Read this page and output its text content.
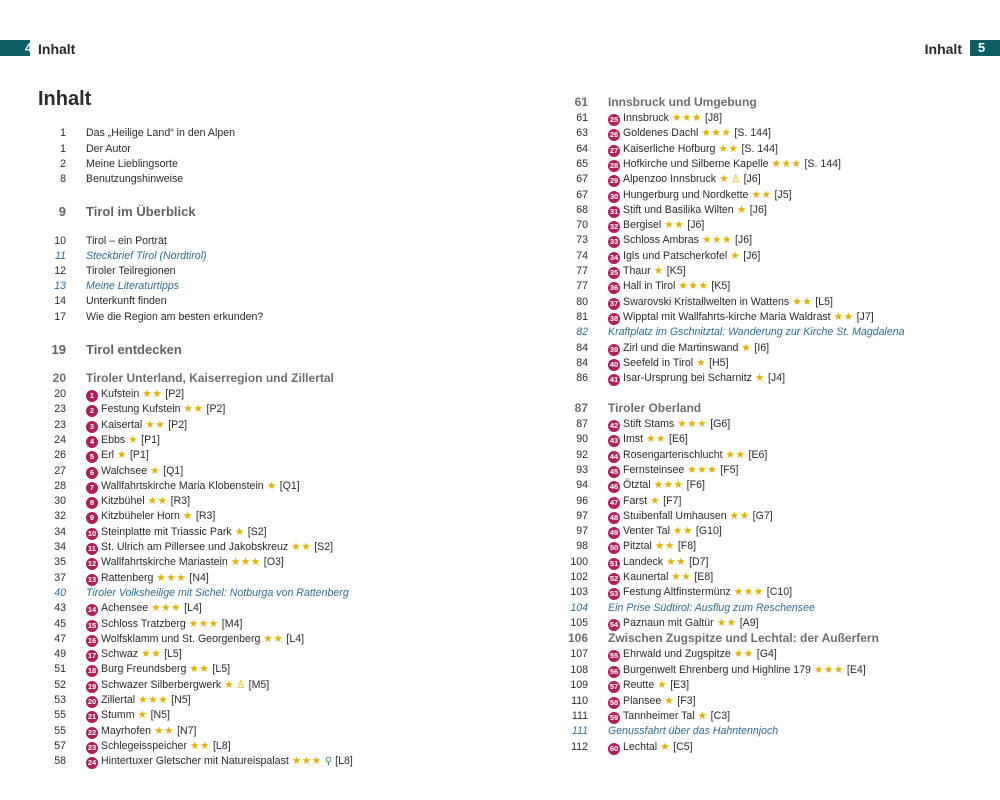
4 Inhalt
Inhalt
1 Das „Heilige Land“ in den Alpen
1 Der Autor
2 Meine Lieblingsorte
8 Benutzungshinweise
9 Tirol im Überblick
10 Tirol – ein Porträt
11 Steckbrief Tirol (Nordtirol)
12 Tiroler Teilregionen
13 Meine Literaturtipps
14 Unterkunft finden
17 Wie die Region am besten erkunden?
19 Tirol entdecken
20 Tiroler Unterland, Kaiserregion und Zillertal
20	1 Kufstein ★★ [P2]
23	2 Festung Kufstein ★★ [P2]
23	3 Kaisertal ★★ [P2]
24	4 Ebbs ★ [P1]
26	5 Erl ★ [P1]
27	6 Walchsee ★ [Q1]
28	7 Wallfahrtskirche Maria Klobenstein ★ [Q1]
30	8 Kitzbühel ★★ [R3]
32	9 Kitzbüheler Horn ★ [R3]
34	10 Steinplatte mit Triassic Park ★ [S2]
34	11 St. Ulrich am Pillersee und Jakobskreuz ★★ [S2]
35	12 Wallfahrtskirche Mariastein ★★★ [O3]
37	13 Rattenberg ★★★ [N4]
40 Tiroler Volksheilige mit Sichel: Notburga von Rattenberg
43	14 Achensee ★★★ [L4]
45	15 Schloss Tratzberg ★★★ [M4]
47	16 Wolfsklamm und St. Georgenberg ★★ [L4]
49	17 Schwaz ★★ [L5]
51	18 Burg Freundsberg ★★ [L5]
52	19 Schwazer Silberbergwerk ★ ♙ [M5]
53	20 Zillertal ★★★ [N5]
55	21 Stumm ★ [N5]
55	22 Mayrhofen ★★ [N7]
57	23 Schlegeisspeicher ★★ [L8]
58	24 Hintertuxer Gletscher mit Natureispalast ★★★ ⚲ [L8]
Inhalt 5
61 Innsbruck und Umgebung
61	25 Innsbruck ★★★ [J8]
63	26 Goldenes Dachl ★★★ [S. 144]
64	27 Kaiserliche Hofburg ★★ [S. 144]
65	28 Hofkirche und Silberne Kapelle ★★★ [S. 144]
67	29 Alpenzoo Innsbruck ★ ♙ [J6]
67	30 Hungerburg und Nordkette ★★ [J5]
68	31 Stift und Basilika Wilten ★ [J6]
70	32 Bergisel ★★ [J6]
73	33 Schloss Ambras ★★★ [J6]
74	34 Igls und Patscherkofel ★ [J6]
77	35 Thaur ★ [K5]
77	36 Hall in Tirol ★★★ [K5]
80	37 Swarovski Kristallwelten in Wattens ★★ [L5]
81	38 Wipptal mit Wallfahrts-kirche Maria Waldrast ★★ [J7]
82 Kraftplatz im Gschnitztal: Wanderung zur Kirche St. Magdalena
84	39 Zirl und die Martinswand ★ [I6]
84	40 Seefeld in Tirol ★ [H5]
86	41 Isar-Ursprung bei Scharnitz ★ [J4]
87 Tiroler Oberland
87	42 Stift Stams ★★★ [G6]
90	43 Imst ★★ [E6]
92	44 Rosengartenschlucht ★★ [E6]
93	45 Fernsteinsee ★★★ [F5]
94	46 Ötztal ★★★ [F6]
96	47 Farst ★ [F7]
97	48 Stuibenfall Umhausen ★★ [G7]
97	49 Venter Tal ★★ [G10]
98	50 Pitztal ★★ [F8]
100	51 Landeck ★★ [D7]
102	52 Kaunertal ★★ [E8]
103	53 Festung Altfinstermünz ★★★ [C10]
104 Ein Prise Südtirol: Ausflug zum Reschensee
105	54 Paznaun mit Galtür ★★ [A9]
106 Zwischen Zugspitze und Lechtal: der Außerfern
107	55 Ehrwald und Zugspitze ★★ [G4]
108	56 Burgenwelt Ehrenberg und Highline 179 ★★★ [E4]
109	57 Reutte ★ [E3]
110	58 Plansee ★ [F3]
111	59 Tannheimer Tal ★ [C3]
111 Genussfahrt über das Hahntennjoch
112	60 Lechtal ★ [C5]
